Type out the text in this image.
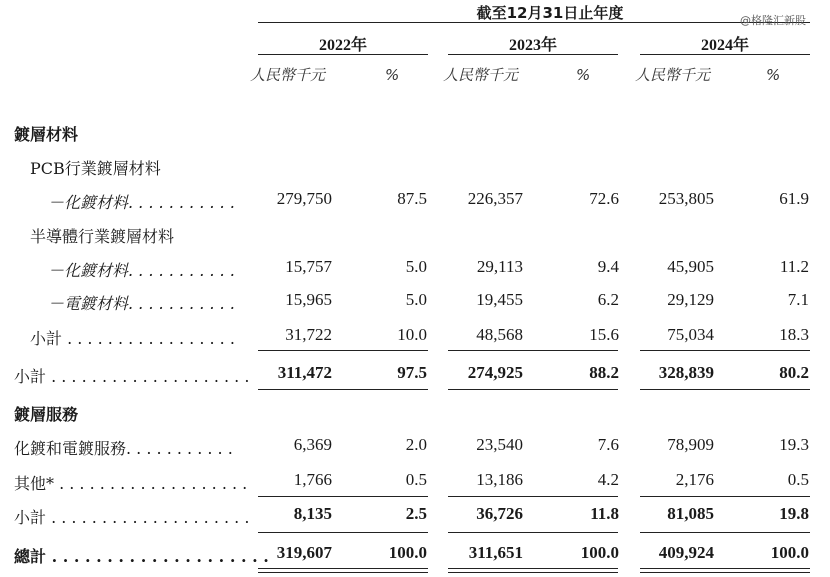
截至12月31日止年度	@格隆汇新股
2022年	2023年	2024年
人民幣千元	%	人民幣千元	%	人民幣千元	%
鍍層材料
PCB行業鍍層材料
－化鍍材料. . . . . . . . . . .	279,750	87.5	226,357	72.6	253,805	61.9
半導體行業鍍層材料
－化鍍材料. . . . . . . . . . .	15,757	5.0	29,113	9.4	45,905	11.2
－電鍍材料. . . . . . . . . . .	15,965	5.0	19,455	6.2	29,129	7.1
小計 . . . . . . . . . . . . . . . . .	31,722	10.0	48,568	15.6	75,034	18.3
小計 . . . . . . . . . . . . . . . . . . . .	311,472	97.5	274,925	88.2	328,839	80.2
鍍層服務
化鍍和電鍍服務. . . . . . . . . . .	6,369	2.0	23,540	7.6	78,909	19.3
其他* . . . . . . . . . . . . . . . . . . .	1,766	0.5	13,186	4.2	2,176	0.5
小計 . . . . . . . . . . . . . . . . . . . .	8,135	2.5	36,726	11.8	81,085	19.8
總計 . . . . . . . . . . . . . . . . . . . . 319,607	100.0	311,651	100.0	409,924	100.0
